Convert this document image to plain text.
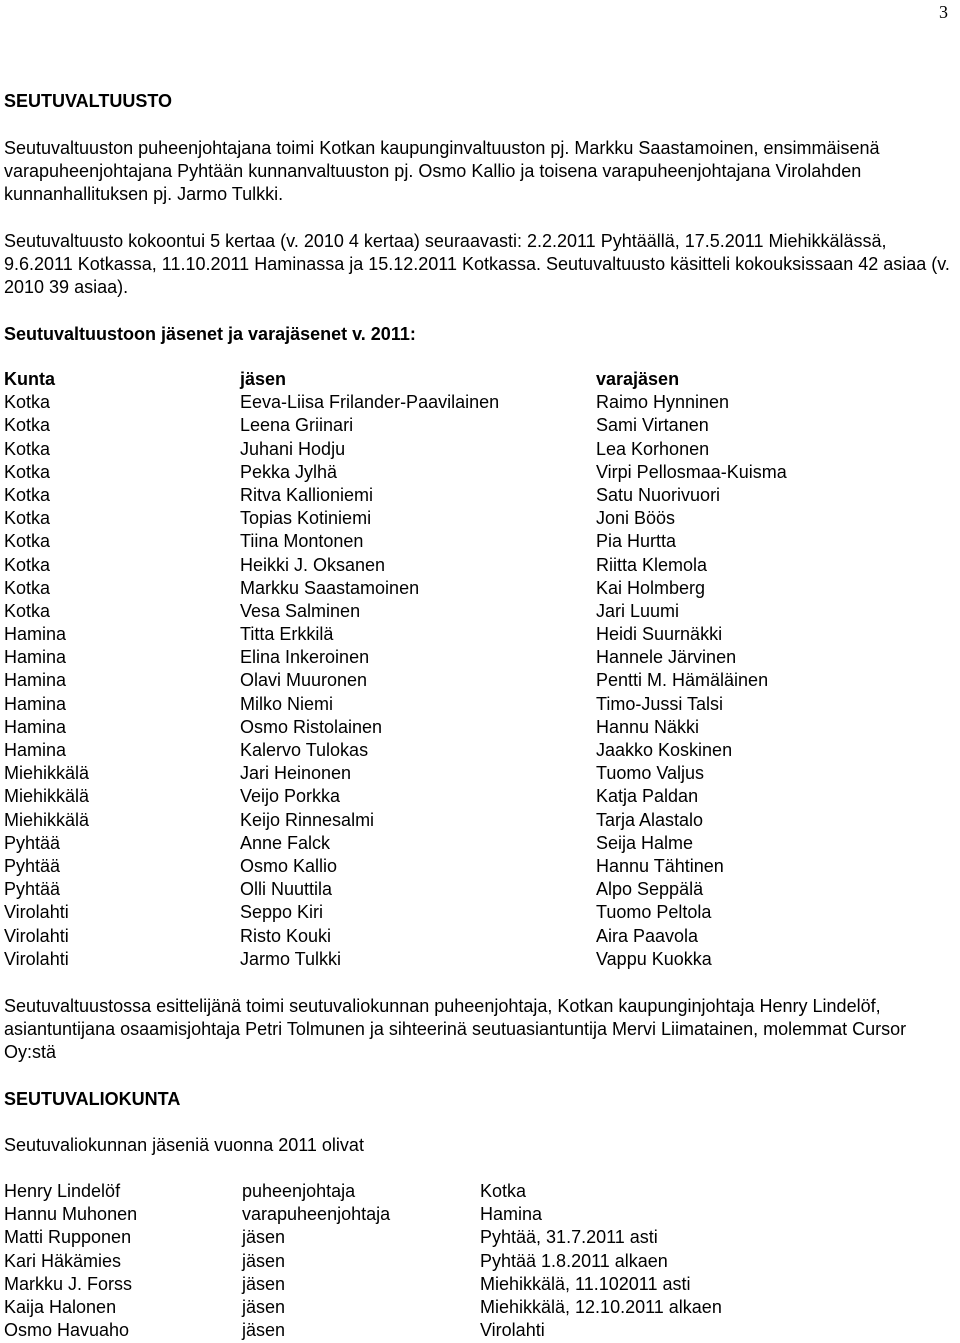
3
SEUTUVALTUUSTO
Seutuvaltuuston puheenjohtajana toimi Kotkan kaupunginvaltuuston pj. Markku Saastamoinen, ensimmäisenä varapuheenjohtajana Pyhtään kunnanvaltuuston pj. Osmo Kallio ja toisena varapuheenjohtajana Virolahden kunnanhallituksen pj. Jarmo Tulkki.
Seutuvaltuusto kokoontui 5 kertaa (v. 2010 4 kertaa) seuraavasti: 2.2.2011 Pyhtäällä, 17.5.2011 Miehikkälässä, 9.6.2011 Kotkassa, 11.10.2011 Haminassa ja 15.12.2011 Kotkassa. Seutuvaltuusto käsitteli kokouksissaan 42 asiaa (v. 2010 39 asiaa).
Seutuvaltuustoon jäsenet ja varajäsenet v. 2011:
Kunta	jäsen	varajäsen
Kotka	Eeva-Liisa Frilander-Paavilainen	Raimo Hynninen
Kotka	Leena Griinari	Sami Virtanen
Kotka	Juhani Hodju	Lea Korhonen
Kotka	Pekka Jylhä	Virpi Pellosmaa-Kuisma
Kotka	Ritva Kallioniemi	Satu Nuorivuori
Kotka	Topias Kotiniemi	Joni Böös
Kotka	Tiina Montonen	Pia Hurtta
Kotka	Heikki J. Oksanen	Riitta Klemola
Kotka	Markku Saastamoinen	Kai Holmberg
Kotka	Vesa Salminen	Jari Luumi
Hamina	Titta Erkkilä	Heidi Suurnäkki
Hamina	Elina Inkeroinen	Hannele Järvinen
Hamina	Olavi Muuronen	Pentti M. Hämäläinen
Hamina	Milko Niemi	Timo-Jussi Talsi
Hamina	Osmo Ristolainen	Hannu Näkki
Hamina	Kalervo Tulokas	Jaakko Koskinen
Miehikkälä	Jari Heinonen	Tuomo Valjus
Miehikkälä	Veijo Porkka	Katja Paldan
Miehikkälä	Keijo Rinnesalmi	Tarja Alastalo
Pyhtää	Anne Falck	Seija Halme
Pyhtää	Osmo Kallio	Hannu Tähtinen
Pyhtää	Olli Nuuttila	Alpo Seppälä
Virolahti	Seppo Kiri	Tuomo Peltola
Virolahti	Risto Kouki	Aira Paavola
Virolahti	Jarmo Tulkki	Vappu Kuokka
Seutuvaltuustossa esittelijänä toimi seutuvaliokunnan puheenjohtaja, Kotkan kaupunginjohtaja Henry Lindelöf, asiantuntijana osaamisjohtaja Petri Tolmunen ja sihteerinä seutuasiantuntija Mervi Liimatainen, molemmat Cursor Oy:stä
SEUTUVALIOKUNTA
Seutuvaliokunnan jäseniä vuonna 2011 olivat
Henry Lindelöf	puheenjohtaja	Kotka
Hannu Muhonen	varapuheenjohtaja	Hamina
Matti Rupponen	jäsen	Pyhtää, 31.7.2011 asti
Kari Häkämies	jäsen	Pyhtää 1.8.2011 alkaen
Markku J. Forss	jäsen	Miehikkälä, 11.102011 asti
Kaija Halonen	jäsen	Miehikkälä, 12.10.2011 alkaen
Osmo Havuaho	jäsen	Virolahti
